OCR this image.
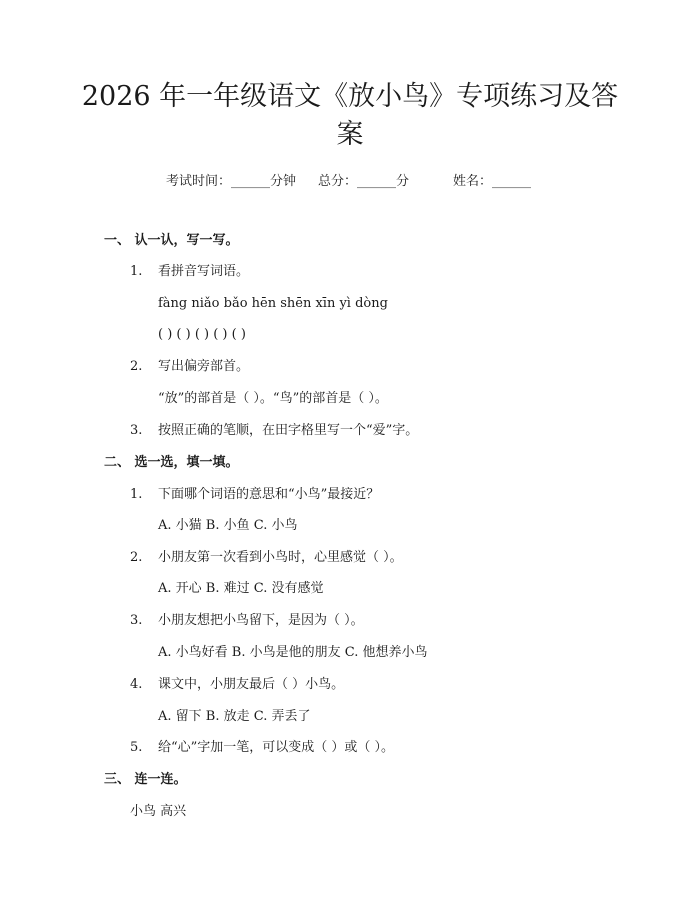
2026 年一年级语文《放小鸟》专项练习及答
案
考试时间：______分钟 总分：______分	姓名：______
一、 认一认，写一写。
1. 看拼音写词语。
fàng niǎo bǎo hēn shēn xīn yì dòng
( ) ( ) ( ) ( ) ( )
2. 写出偏旁部首。
“放”的部首是（ ）。“鸟”的部首是（ ）。
3. 按照正确的笔顺，在田字格里写一个“爱”字。
二、 选一选，填一填。
1. 下面哪个词语的意思和“小鸟”最接近？
A. 小猫 B. 小鱼 C. 小鸟
2. 小朋友第一次看到小鸟时，心里感觉（ ）。
A. 开心 B. 难过 C. 没有感觉
3. 小朋友想把小鸟留下，是因为（ ）。
A. 小鸟好看 B. 小鸟是他的朋友 C. 他想养小鸟
4. 课文中，小朋友最后（ ）小鸟。
A. 留下 B. 放走 C. 弄丢了
5. 给“心”字加一笔，可以变成（ ）或（ ）。
三、 连一连。
小鸟 高兴
